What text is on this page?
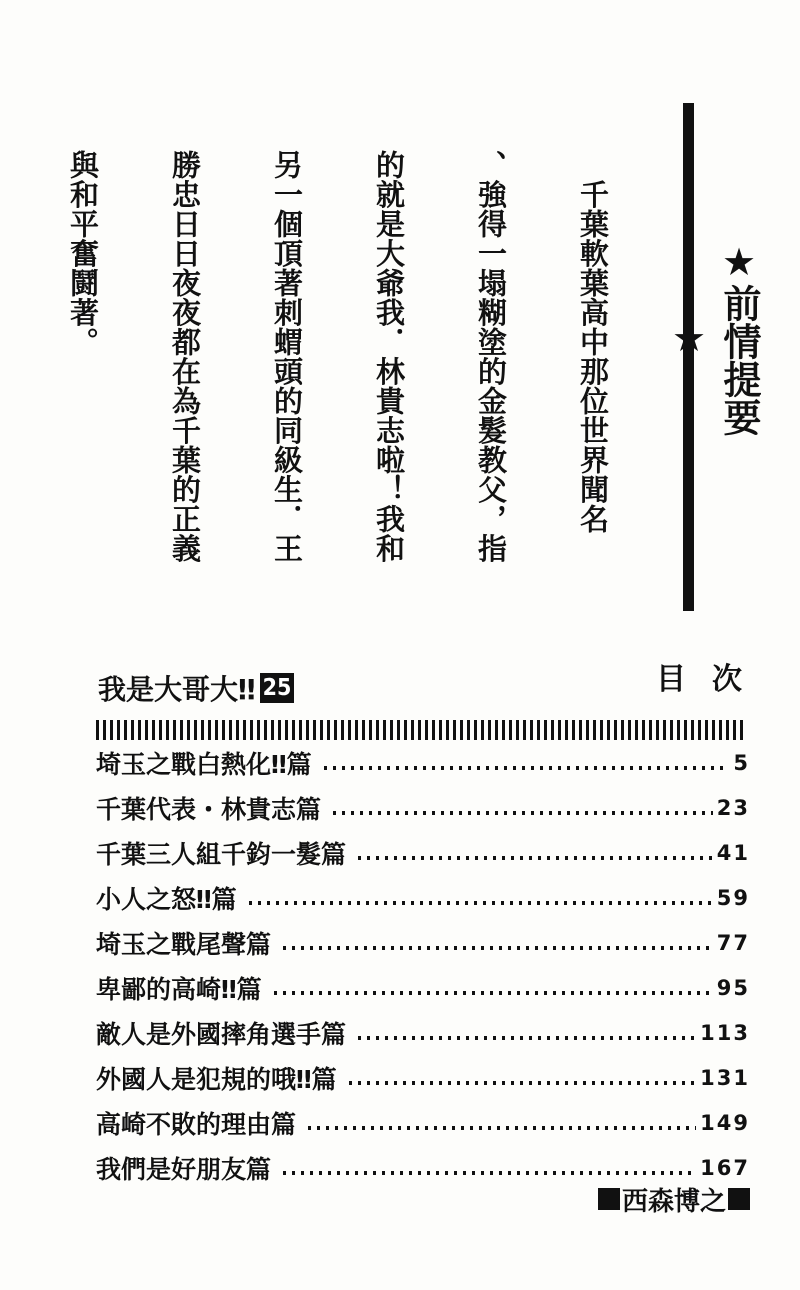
★前情提要

　千葉軟葉高中那位世界聞名

、強得一塌糊塗的金髮教父，指

的就是大爺我．林貴志啦！我和

另一個頂著刺蝟頭的同級生．王

勝忠日日夜夜都在為千葉的正義

與和平奮鬪著。

我是大哥大‼ 25	目次
埼玉之戰白熱化‼篇	5
千葉代表・林貴志篇	23
千葉三人組千鈞一髮篇	41
小人之怒‼篇	59
埼玉之戰尾聲篇	77
卑鄙的高崎‼篇	95
敵人是外國摔角選手篇	113
外國人是犯規的哦‼篇	131
高崎不敗的理由篇	149
我們是好朋友篇	167
西森博之
